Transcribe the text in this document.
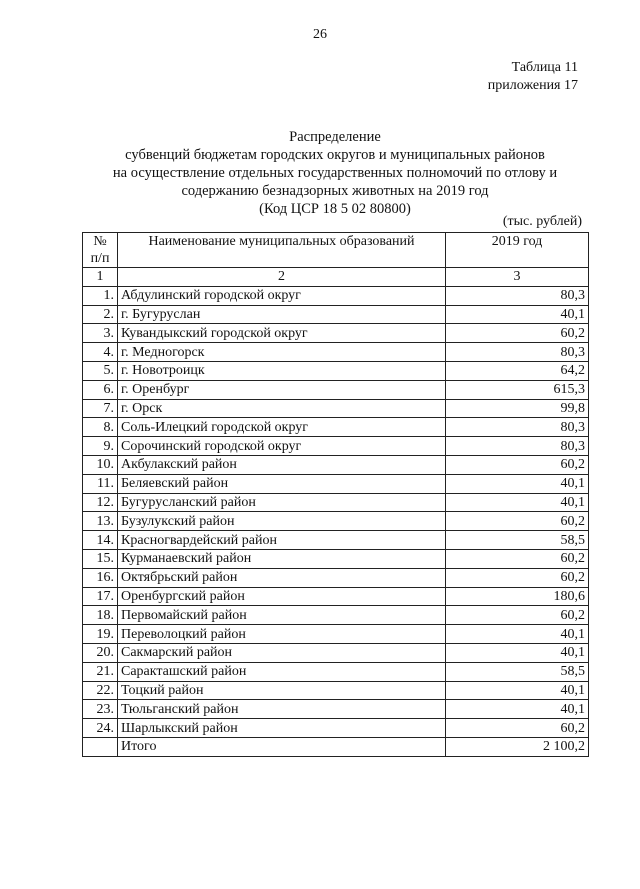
26
Таблица 11
приложения 17
Распределение
субвенций бюджетам городских округов и муниципальных районов
на осуществление отдельных государственных полномочий по отлову и
содержанию безнадзорных животных на 2019 год
(Код ЦСР 18 5 02 80800)
(тыс. рублей)
№ п/п	Наименование муниципальных образований	2019 год
1	2	3
1.	Абдулинский городской округ	80,3
2.	г. Бугуруслан	40,1
3.	Кувандыкский городской округ	60,2
4.	г. Медногорск	80,3
5.	г. Новотроицк	64,2
6.	г. Оренбург	615,3
7.	г. Орск	99,8
8.	Соль-Илецкий городской округ	80,3
9.	Сорочинский городской округ	80,3
10.	Акбулакский район	60,2
11.	Беляевский район	40,1
12.	Бугурусланский район	40,1
13.	Бузулукский район	60,2
14.	Красногвардейский район	58,5
15.	Курманаевский район	60,2
16.	Октябрьский район	60,2
17.	Оренбургский район	180,6
18.	Первомайский район	60,2
19.	Переволоцкий район	40,1
20.	Сакмарский район	40,1
21.	Саракташский район	58,5
22.	Тоцкий район	40,1
23.	Тюльганский район	40,1
24.	Шарлыкский район	60,2
	Итого	2 100,2
